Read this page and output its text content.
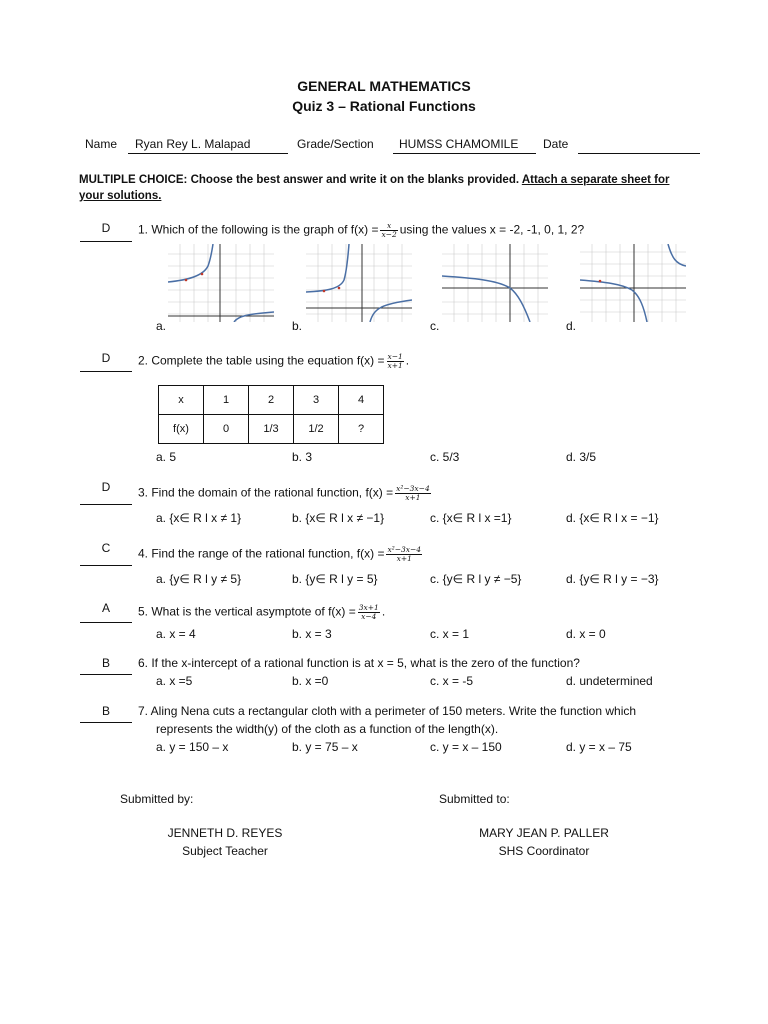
GENERAL MATHEMATICS
Quiz 3 – Rational Functions
Name Ryan Rey L. Malapad	Grade/Section HUMSS CHAMOMILE Date
MULTIPLE CHOICE: Choose the best answer and write it on the blanks provided. Attach a separate sheet for
your solutions.
D	1. Which of the following is the graph of $f(x) = \frac{x}{x-2}$ using the values x = -2, -1, 0, 1, 2?
a.	b.	c.	d.
D	2. Complete the table using the equation $f(x) = \frac{x-1}{x+1}$ .
x	1	2	3	4
f(x)	0	1/3	1/2	?
a. 5	b. 3	c. 5/3	d. 3/5
D	3. Find the domain of the rational function, $f(x) = \frac{\text{x²−3x−4}}{x+1}$
a. {x∈ R l x ≠ 1}	b. {x∈ R l x ≠ −1}	c. {x∈ R l x =1}	d. {x∈ R l x = −1}
C	4. Find the range of the rational function, $f(x) = \frac{\text{x²−3x−4}}{x+1}$
a. {y∈ R l y ≠ 5}	b. {y∈ R l y = 5}	c. {y∈ R l y ≠ −5}	d. {y∈ R l y = −3}
A	5. What is the vertical asymptote of $f(x) = \frac{3x+1}{x-4}$ .
a. x = 4	b. x = 3	c. x = 1	d. x = 0
B	6. If the x-intercept of a rational function is at x = 5, what is the zero of the function?
a. x =5	b. x =0	c. x = -5	d. undetermined
B	7. Aling Nena cuts a rectangular cloth with a perimeter of 150 meters. Write the function which
represents the width(y) of the cloth as a function of the length(x).
a. y = 150 – x	b. y = 75 – x	c. y = x – 150	d. y = x – 75
Submitted by:	Submitted to:
JENNETH D. REYES
Subject Teacher
MARY JEAN P. PALLER
SHS Coordinator
